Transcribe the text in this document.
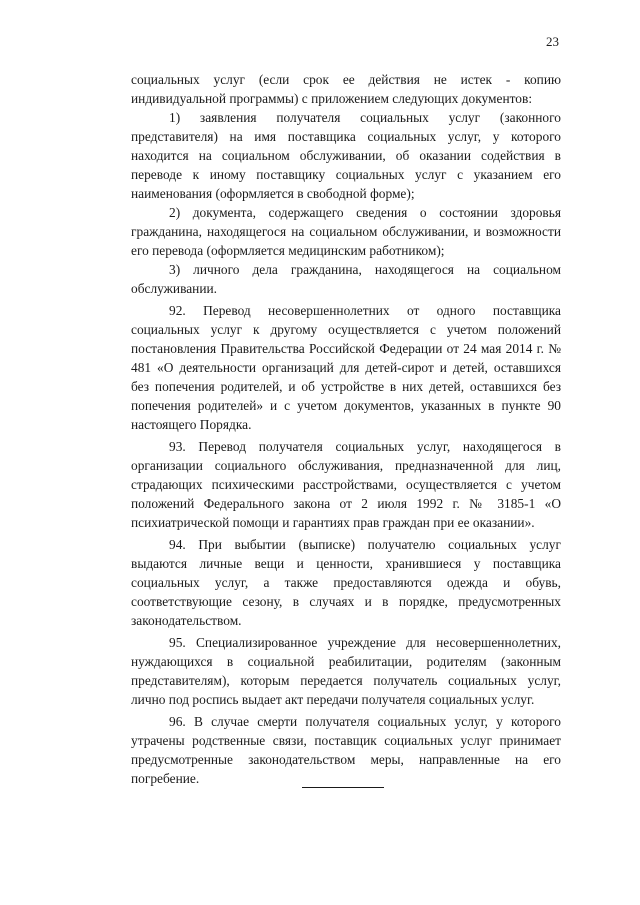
23

социальных услуг (если срок ее действия не истек - копию индивидуальной программы) с приложением следующих документов:

1) заявления получателя социальных услуг (законного представителя) на имя поставщика социальных услуг, у которого находится на социальном обслуживании, об оказании содействия в переводе к иному поставщику социальных услуг с указанием его наименования (оформляется в свободной форме);

2) документа, содержащего сведения о состоянии здоровья гражданина, находящегося на социальном обслуживании, и возможности его перевода (оформляется медицинским работником);

3) личного дела гражданина, находящегося на социальном обслуживании.

92. Перевод несовершеннолетних от одного поставщика социальных услуг к другому осуществляется с учетом положений постановления Правительства Российской Федерации от 24 мая 2014 г. № 481 «О деятельности организаций для детей-сирот и детей, оставшихся без попечения родителей, и об устройстве в них детей, оставшихся без попечения родителей» и с учетом документов, указанных в пункте 90 настоящего Порядка.

93. Перевод получателя социальных услуг, находящегося в организации социального обслуживания, предназначенной для лиц, страдающих психическими расстройствами, осуществляется с учетом положений Федерального закона от 2 июля 1992 г. № 3185-1 «О психиатрической помощи и гарантиях прав граждан при ее оказании».

94. При выбытии (выписке) получателю социальных услуг выдаются личные вещи и ценности, хранившиеся у поставщика социальных услуг, а также предоставляются одежда и обувь, соответствующие сезону, в случаях и в порядке, предусмотренных законодательством.

95. Специализированное учреждение для несовершеннолетних, нуждающихся в социальной реабилитации, родителям (законным представителям), которым передается получатель социальных услуг, лично под роспись выдает акт передачи получателя социальных услуг.

96. В случае смерти получателя социальных услуг, у которого утрачены родственные связи, поставщик социальных услуг принимает предусмотренные законодательством меры, направленные на его погребение.
